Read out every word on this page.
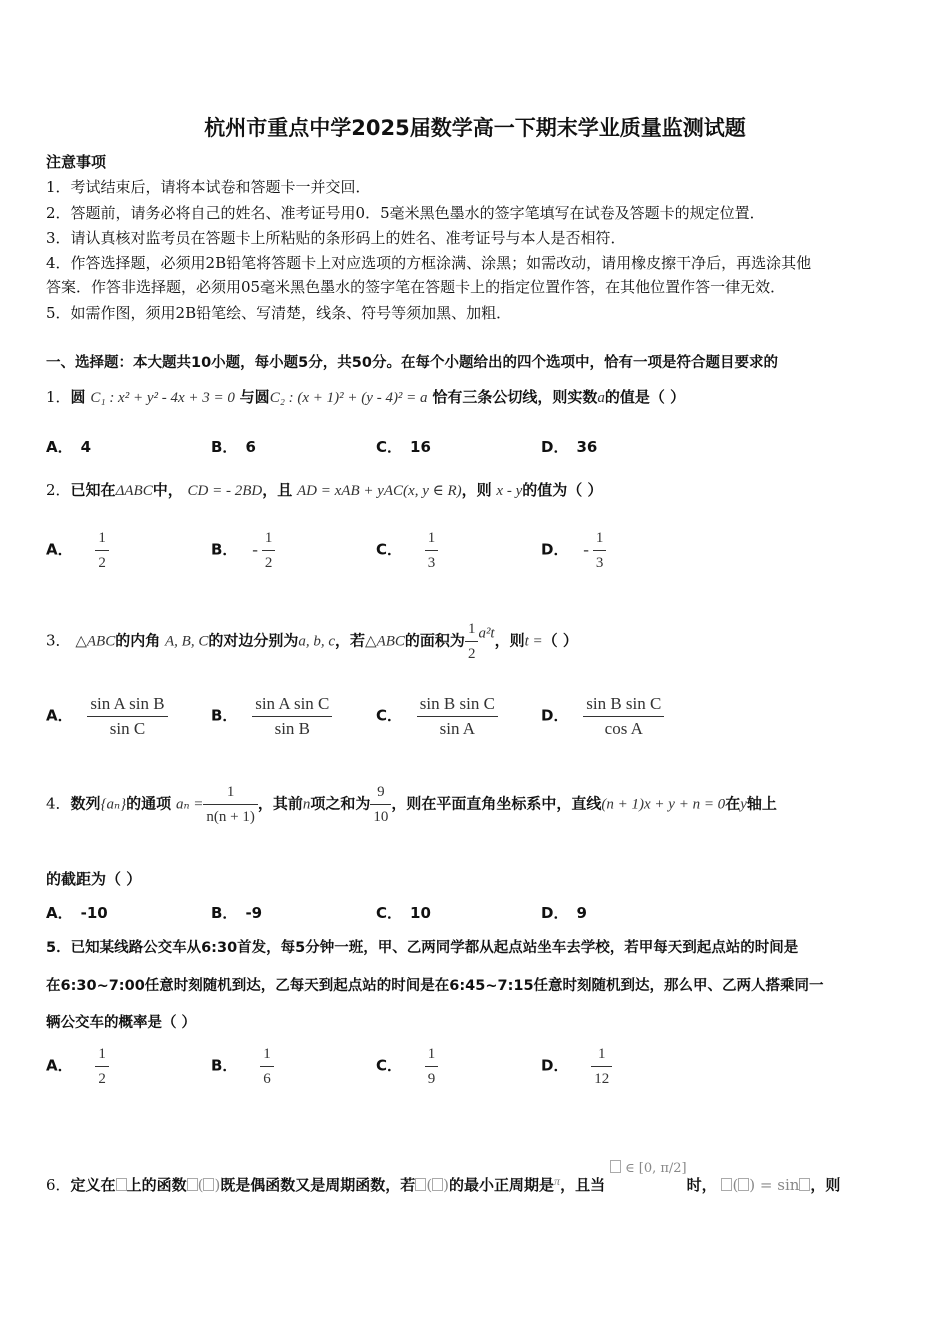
杭州市重点中学2025届数学高一下期末学业质量监测试题
注意事项
1．考试结束后，请将本试卷和答题卡一并交回．
2．答题前，请务必将自己的姓名、准考证号用0．5毫米黑色墨水的签字笔填写在试卷及答题卡的规定位置．
3．请认真核对监考员在答题卡上所粘贴的条形码上的姓名、准考证号与本人是否相符．
4．作答选择题，必须用2B铅笔将答题卡上对应选项的方框涂满、涂黑；如需改动，请用橡皮擦干净后，再选涂其他
答案．作答非选择题，必须用05毫米黑色墨水的签字笔在答题卡上的指定位置作答，在其他位置作答一律无效．
5．如需作图，须用2B铅笔绘、写清楚，线条、符号等须加黑、加粗．
一、选择题：本大题共10小题，每小题5分，共50分。在每个小题给出的四个选项中，恰有一项是符合题目要求的
1．圆 C₁ : x² + y² - 4x + 3 = 0 与圆C₂ : (x + 1)² + (y - 4)² = a 恰有三条公切线，则实数a的值是（ ）
A． 4	B． 6	C． 16	D． 36
2．已知在ΔABC中， CD = - 2BD，且 AD = xAB + yAC(x, y ∈ R)，则 x - y的值为（ ）
A． $\frac{1}{2}$	B． - $\frac{1}{2}$	C． $\frac{1}{3}$	D． - $\frac{1}{3}$
3． △ABC的内角 A, B, C的对边分别为a, b, c，若△ABC的面积为 $\frac{1}{2} a^2t$，则t =（ ）
A． $\frac{\text{sin A sin B}}{\text{sin C}}$	B． $\frac{\text{sin A sin C}}{\text{sin B}}$	C． $\frac{\text{sin B sin C}}{\text{sin A}}$	D． $\frac{\text{sin B sin C}}{\text{cos A}}$
4．数列{aₙ}的通项 $a_n = \frac{1}{n(n + 1)}$ ，其前n项之和为 $\frac{9}{10}$ ，则在平面直角坐标系中，直线(n + 1)x + y + n = 0在y轴上
的截距为（ ）
A． -10	B． -9	C． 10	D． 9
5．已知某线路公交车从6:30首发，每5分钟一班，甲、乙两同学都从起点站坐车去学校，若甲每天到起点站的时间是
在6:30~7:00任意时刻随机到达，乙每天到起点站的时间是在6:45~7:15任意时刻随机到达，那么甲、乙两人搭乘同一
辆公交车的概率是（ ）
A． $\frac{1}{2}$	B． $\frac{1}{6}$	C． $\frac{1}{9}$	D． $\frac{1}{12}$
6．定义在 上的函数 ( )既是偶函数又是周期函数，若 ( )的最小正周期是$^\pi$，且当  ∈ [0, π/2]时， ( ) = sin ，则
